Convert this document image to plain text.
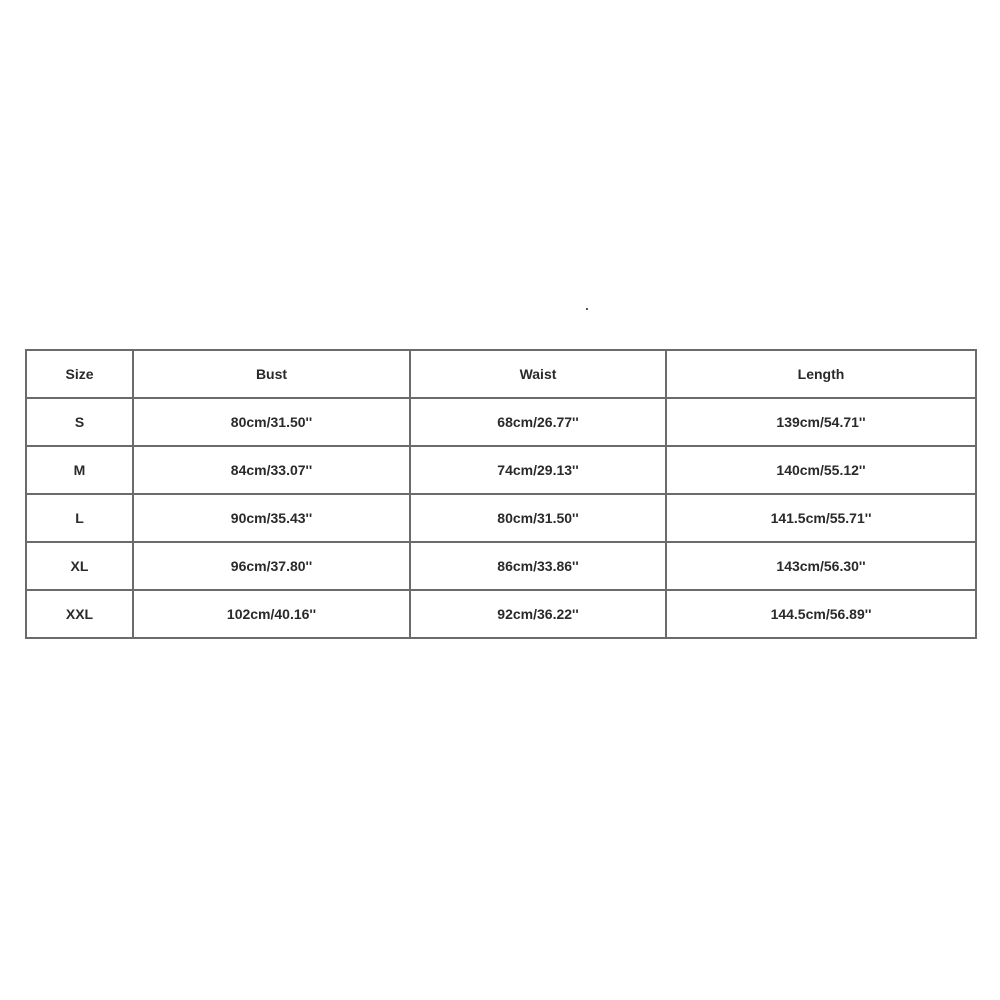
Size	Bust	Waist	Length
S	80cm/31.50''	68cm/26.77''	139cm/54.71''
M	84cm/33.07''	74cm/29.13''	140cm/55.12''
L	90cm/35.43''	80cm/31.50''	141.5cm/55.71''
XL	96cm/37.80''	86cm/33.86''	143cm/56.30''
XXL	102cm/40.16''	92cm/36.22''	144.5cm/56.89''
